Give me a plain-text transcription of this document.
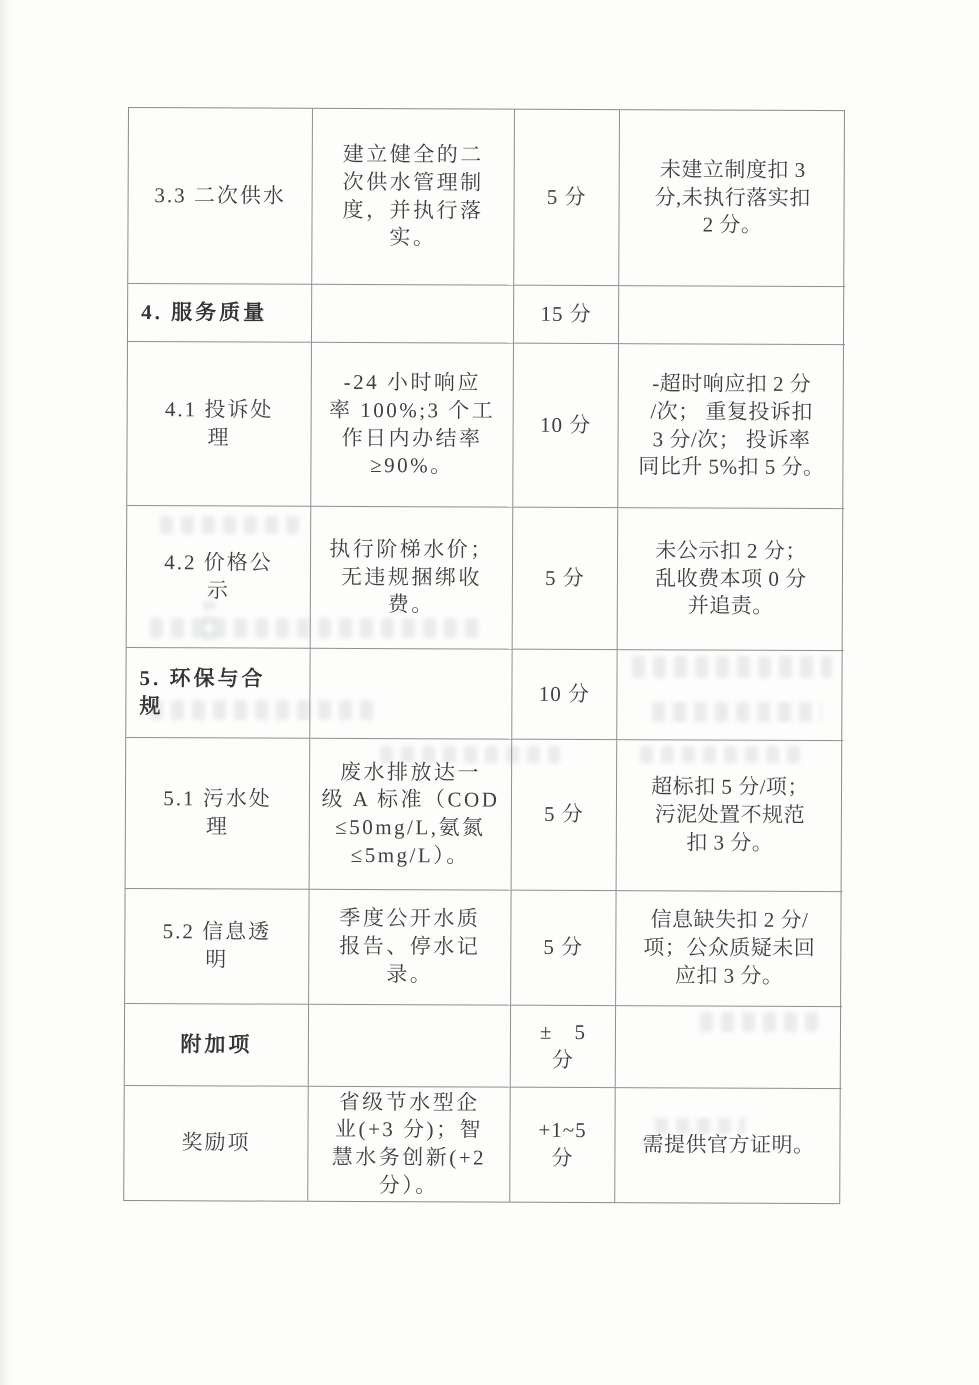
3.3 二次供水
建立健全的二
次供水管理制
度，并执行落
实。
5 分
未建立制度扣 3
分,未执行落实扣
2 分。
4. 服务质量	15 分
4.1 投诉处
理
-24 小时响应
率 100%;3 个工
作日内办结率
≥90%。
10 分
-超时响应扣 2 分
/次； 重复投诉扣
3 分/次； 投诉率
同比升 5%扣 5 分。
4.2 价格公
示
执行阶梯水价；
无违规捆绑收
费。
5 分
未公示扣 2 分；
乱收费本项 0 分
并追责。
5. 环保与合
规	10 分
5.1 污水处
理
废水排放达一
级 A 标准（COD
≤50mg/L,氨氮
≤5mg/L）。
5 分
超标扣 5 分/项；
污泥处置不规范
扣 3 分。
5.2 信息透
明
季度公开水质
报告、停水记
录。
5 分
信息缺失扣 2 分/
项；公众质疑未回
应扣 3 分。
附加项
±　5
分
奖励项
省级节水型企
业(+3 分)；智
慧水务创新(+2
分）。
+1~5
分
需提供官方证明。
